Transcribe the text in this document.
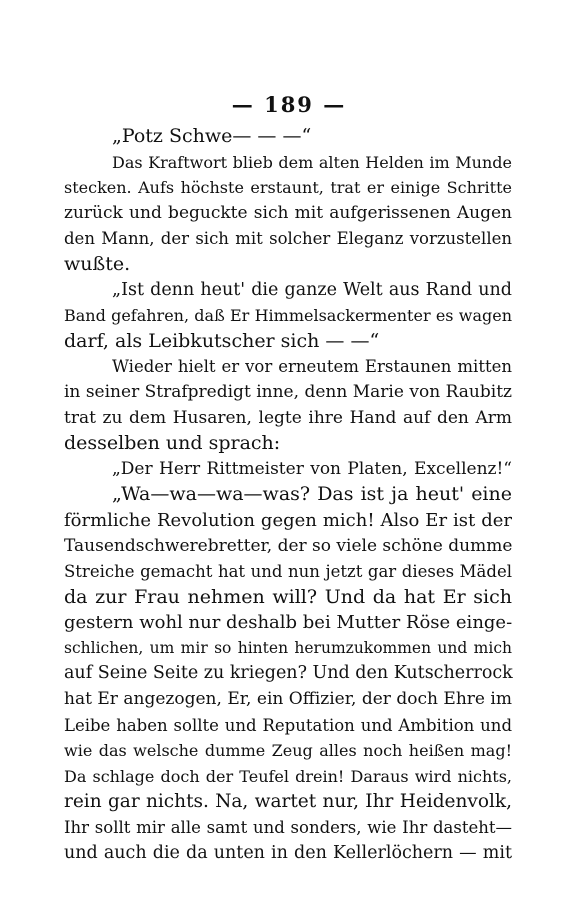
— 189 —
„Potz Schwe— — —“
Das Kraftwort blieb dem alten Helden im Munde
stecken. Aufs höchste erstaunt, trat er einige Schritte
zurück und beguckte sich mit aufgerissenen Augen
den Mann, der sich mit solcher Eleganz vorzustellen
wußte.
„Ist denn heut' die ganze Welt aus Rand und
Band gefahren, daß Er Himmelsackermenter es wagen
darf, als Leibkutscher sich — —“
Wieder hielt er vor erneutem Erstaunen mitten
in seiner Strafpredigt inne, denn Marie von Raubitz
trat zu dem Husaren, legte ihre Hand auf den Arm
desselben und sprach:
„Der Herr Rittmeister von Platen, Excellenz!“
„Wa—wa—wa—was? Das ist ja heut' eine
förmliche Revolution gegen mich! Also Er ist der
Tausendschwerebretter, der so viele schöne dumme
Streiche gemacht hat und nun jetzt gar dieses Mädel
da zur Frau nehmen will? Und da hat Er sich
gestern wohl nur deshalb bei Mutter Röse einge-
schlichen, um mir so hinten herumzukommen und mich
auf Seine Seite zu kriegen? Und den Kutscherrock
hat Er angezogen, Er, ein Offizier, der doch Ehre im
Leibe haben sollte und Reputation und Ambition und
wie das welsche dumme Zeug alles noch heißen mag!
Da schlage doch der Teufel drein! Daraus wird nichts,
rein gar nichts. Na, wartet nur, Ihr Heidenvolk,
Ihr sollt mir alle samt und sonders, wie Ihr dasteht—
und auch die da unten in den Kellerlöchern — mit
